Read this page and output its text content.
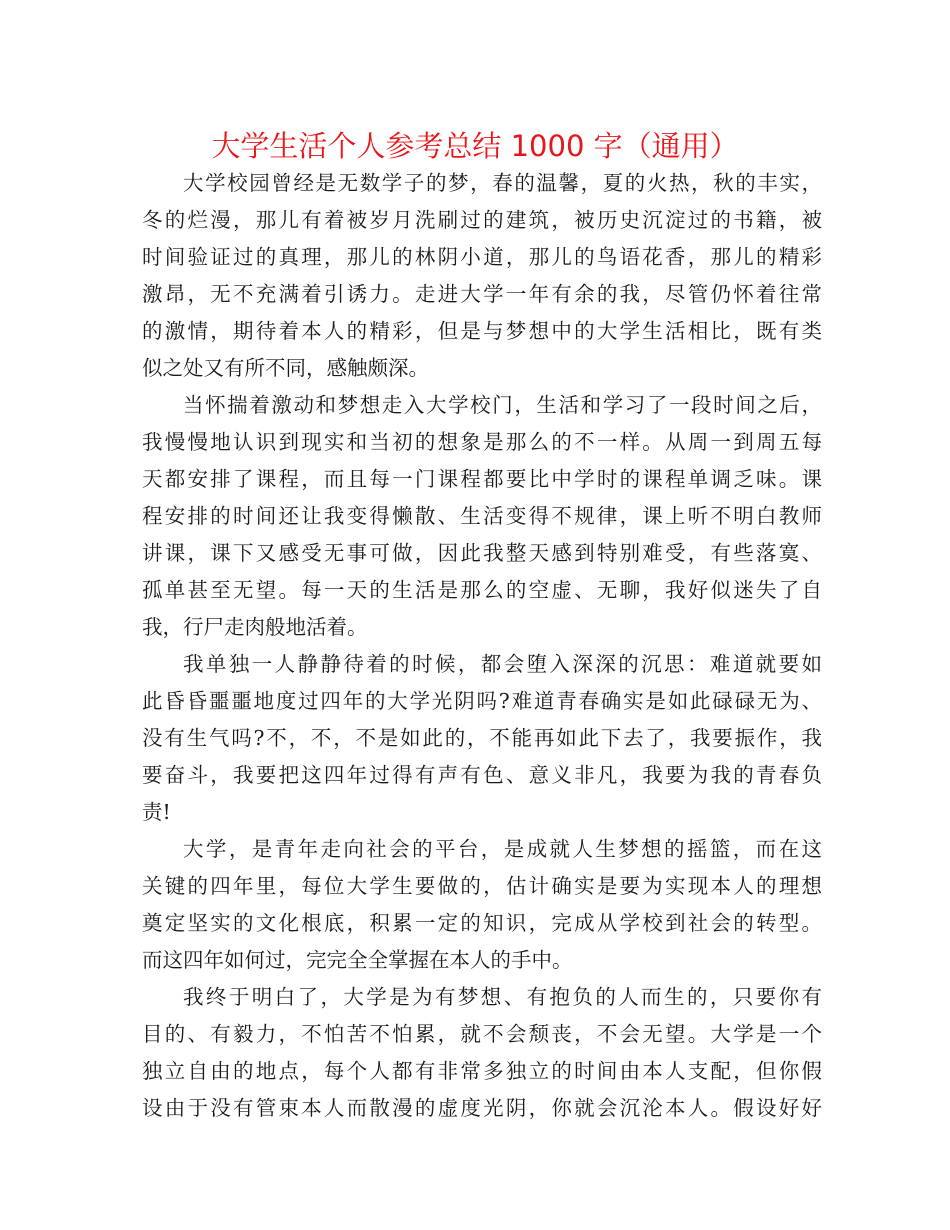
大学生活个人参考总结 1000 字（通用）
大学校园曾经是无数学子的梦，春的温馨，夏的火热，秋的丰实，
冬的烂漫，那儿有着被岁月洗刷过的建筑，被历史沉淀过的书籍，被
时间验证过的真理，那儿的林阴小道，那儿的鸟语花香，那儿的精彩
激昂，无不充满着引诱力。走进大学一年有余的我，尽管仍怀着往常
的激情，期待着本人的精彩，但是与梦想中的大学生活相比，既有类
似之处又有所不同，感触颇深。
当怀揣着激动和梦想走入大学校门，生活和学习了一段时间之后，
我慢慢地认识到现实和当初的想象是那么的不一样。从周一到周五每
天都安排了课程，而且每一门课程都要比中学时的课程单调乏味。课
程安排的时间还让我变得懒散、生活变得不规律，课上听不明白教师
讲课，课下又感受无事可做，因此我整天感到特别难受，有些落寞、
孤单甚至无望。每一天的生活是那么的空虚、无聊，我好似迷失了自
我，行尸走肉般地活着。
我单独一人静静待着的时候，都会堕入深深的沉思：难道就要如
此昏昏噩噩地度过四年的大学光阴吗?难道青春确实是如此碌碌无为、
没有生气吗?不，不，不是如此的，不能再如此下去了，我要振作，我
要奋斗，我要把这四年过得有声有色、意义非凡，我要为我的青春负
责!
大学，是青年走向社会的平台，是成就人生梦想的摇篮，而在这
关键的四年里，每位大学生要做的，估计确实是要为实现本人的理想
奠定坚实的文化根底，积累一定的知识，完成从学校到社会的转型。
而这四年如何过，完完全全掌握在本人的手中。
我终于明白了，大学是为有梦想、有抱负的人而生的，只要你有
目的、有毅力，不怕苦不怕累，就不会颓丧，不会无望。大学是一个
独立自由的地点，每个人都有非常多独立的时间由本人支配，但你假
设由于没有管束本人而散漫的虚度光阴，你就会沉沦本人。假设好好
